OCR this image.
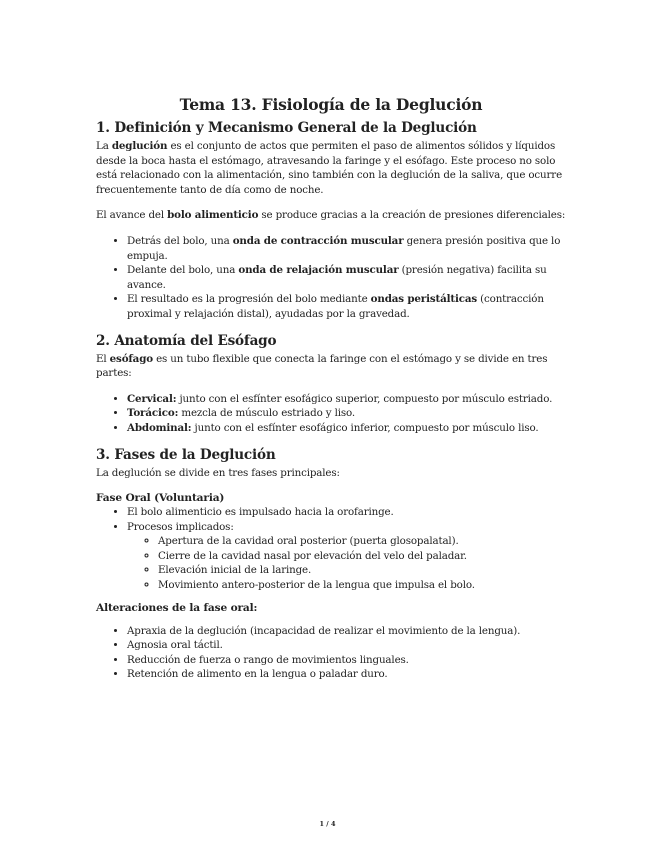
Tema 13. Fisiología de la Deglución
1. Definición y Mecanismo General de la Deglución

La deglución es el conjunto de actos que permiten el paso de alimentos sólidos y líquidos desde la boca hasta el estómago, atravesando la faringe y el esófago. Este proceso no solo está relacionado con la alimentación, sino también con la deglución de la saliva, que ocurre frecuentemente tanto de día como de noche.

El avance del bolo alimenticio se produce gracias a la creación de presiones diferenciales:

• Detrás del bolo, una onda de contracción muscular genera presión positiva que lo empuja.
• Delante del bolo, una onda de relajación muscular (presión negativa) facilita su avance.
• El resultado es la progresión del bolo mediante ondas peristálticas (contracción proximal y relajación distal), ayudadas por la gravedad.
2. Anatomía del Esófago

El esófago es un tubo flexible que conecta la faringe con el estómago y se divide en tres partes:

• Cervical: junto con el esfínter esofágico superior, compuesto por músculo estriado.
• Torácico: mezcla de músculo estriado y liso.
• Abdominal: junto con el esfínter esofágico inferior, compuesto por músculo liso.
3. Fases de la Deglución

La deglución se divide en tres fases principales:

Fase Oral (Voluntaria)
• El bolo alimenticio es impulsado hacia la orofaringe.
• Procesos implicados:
◦ Apertura de la cavidad oral posterior (puerta glosopalatal).
◦ Cierre de la cavidad nasal por elevación del velo del paladar.
◦ Elevación inicial de la laringe.
◦ Movimiento antero-posterior de la lengua que impulsa el bolo.
Alteraciones de la fase oral:
• Apraxia de la deglución (incapacidad de realizar el movimiento de la lengua).
• Agnosia oral táctil.
• Reducción de fuerza o rango de movimientos linguales.
• Retención de alimento en la lengua o paladar duro.
1 / 4
